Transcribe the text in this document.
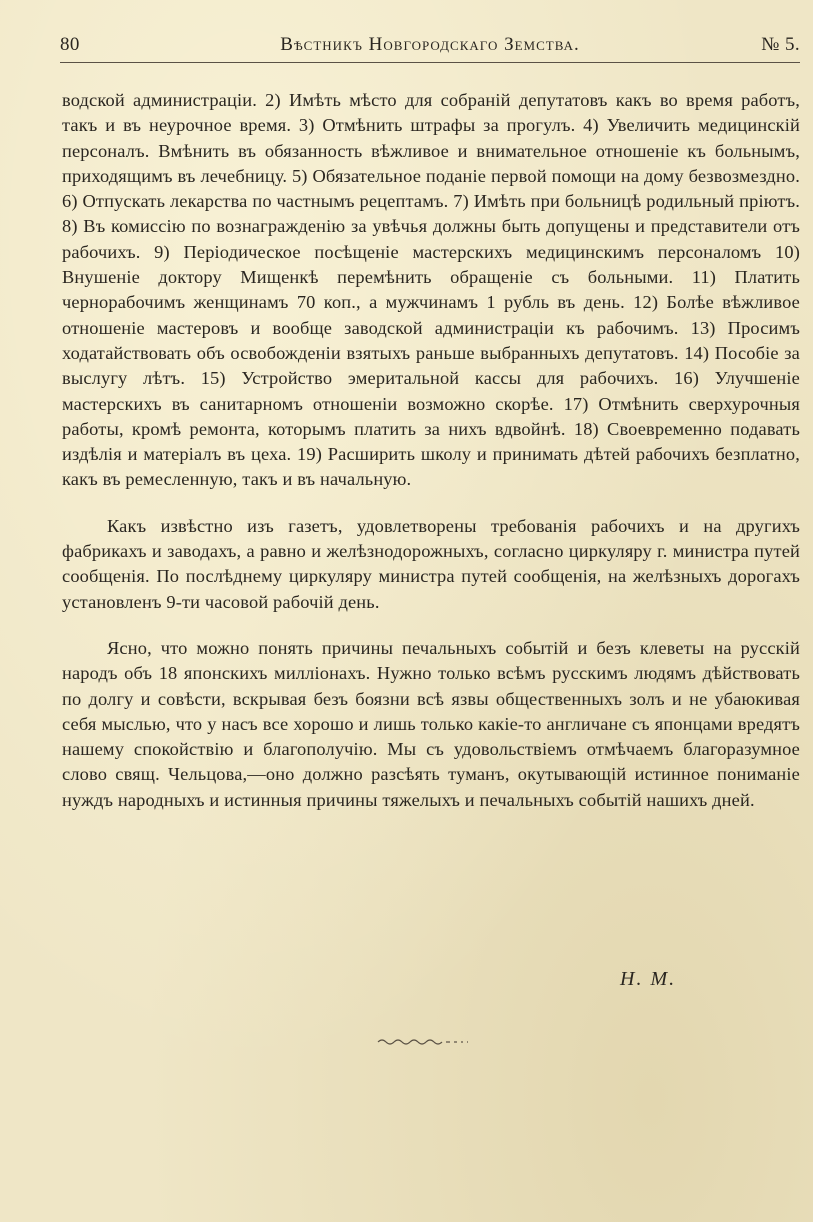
80	Вѣстникъ Новгородскаго Земства.	№ 5.

водской администраціи. 2) Имѣть мѣсто для собраній депутатовъ какъ во время работъ, такъ и въ неурочное время. 3) Отмѣнить штрафы за прогулъ. 4) Увеличить медицинскій персоналъ. Вмѣнить въ обязанность вѣжливое и внимательное отношеніе къ больнымъ, приходящимъ въ лечебницу. 5) Обязательное поданіе первой помощи на дому безвозмездно. 6) Отпускать лекарства по частнымъ рецептамъ. 7) Имѣть при больницѣ родильный пріютъ. 8) Въ комиссію по вознагражденію за увѣчья должны быть допущены и представители отъ рабочихъ. 9) Періодическое посѣщеніе мастерскихъ медицинскимъ персоналомъ 10) Внушеніе доктору Мищенкѣ перемѣнить обращеніе съ больными. 11) Платить чернорабочимъ женщинамъ 70 коп., а мужчинамъ 1 рубль въ день. 12) Болѣе вѣжливое отношеніе мастеровъ и вообще заводской администраціи къ рабочимъ. 13) Просимъ ходатайствовать объ освобожденіи взятыхъ раньше выбранныхъ депутатовъ. 14) Пособіе за выслугу лѣтъ. 15) Устройство эмеритальной кассы для рабочихъ. 16) Улучшеніе мастерскихъ въ санитарномъ отношеніи возможно скорѣе. 17) Отмѣнить сверхурочныя работы, кромѣ ремонта, которымъ платить за нихъ вдвойнѣ. 18) Своевременно подавать издѣлія и матеріалъ въ цеха. 19) Расширить школу и принимать дѣтей рабочихъ безплатно, какъ въ ремесленную, такъ и въ начальную.

Какъ извѣстно изъ газетъ, удовлетворены требованія рабочихъ и на другихъ фабрикахъ и заводахъ, а равно и желѣзнодорожныхъ, согласно циркуляру г. министра путей сообщенія. По послѣднему циркуляру министра путей сообщенія, на желѣзныхъ дорогахъ установленъ 9-ти часовой рабочій день.

Ясно, что можно понять причины печальныхъ событій и безъ клеветы на русскій народъ объ 18 японскихъ милліонахъ. Нужно только всѣмъ русскимъ людямъ дѣйствовать по долгу и совѣсти, вскрывая безъ боязни всѣ язвы общественныхъ золъ и не убаюкивая себя мыслью, что у насъ все хорошо и лишь только какіе-то англичане съ японцами вредятъ нашему спокойствію и благополучію. Мы съ удовольствіемъ отмѣчаемъ благоразумное слово свящ. Чельцова,—оно должно разсѣять туманъ, окутывающій истинное пониманіе нуждъ народныхъ и истинныя причины тяжелыхъ и печальныхъ событій нашихъ дней.

Н. М.
